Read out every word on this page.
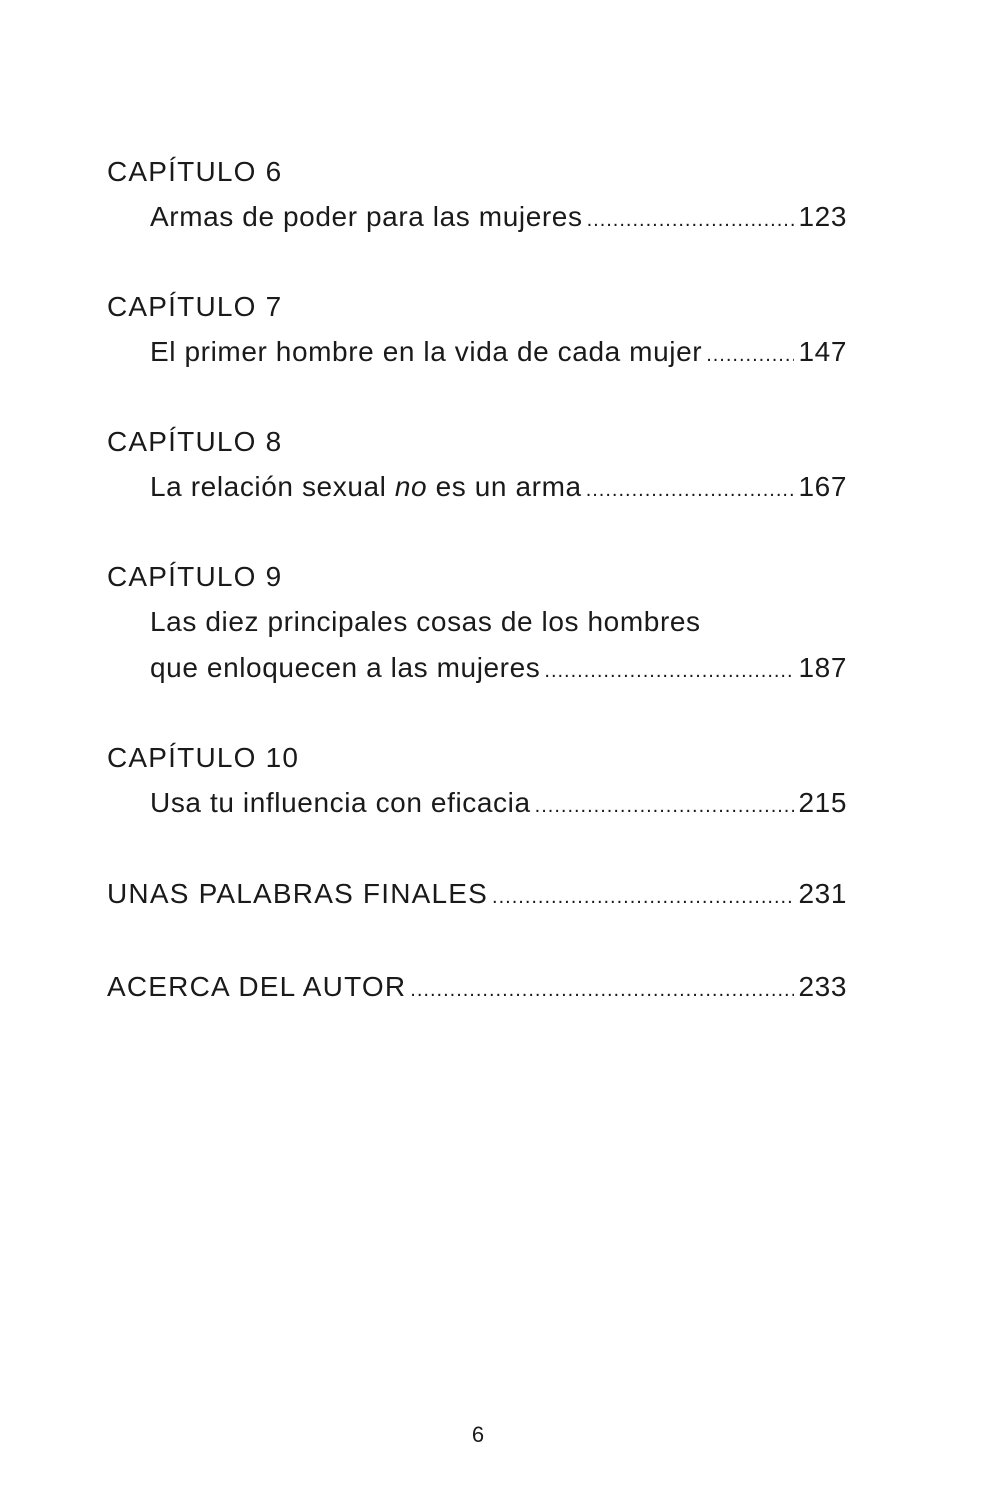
CAPÍTULO 6
Armas de poder para las mujeres .....	123
CAPÍTULO 7
El primer hombre en la vida de cada mujer .....	147
CAPÍTULO 8
La relación sexual no es un arma .....	167
CAPÍTULO 9
Las diez principales cosas de los hombres
que enloquecen a las mujeres .....	187
CAPÍTULO 10
Usa tu influencia con eficacia .....	215
UNAS PALABRAS FINALES .....	231
ACERCA DEL AUTOR .....	233
6
